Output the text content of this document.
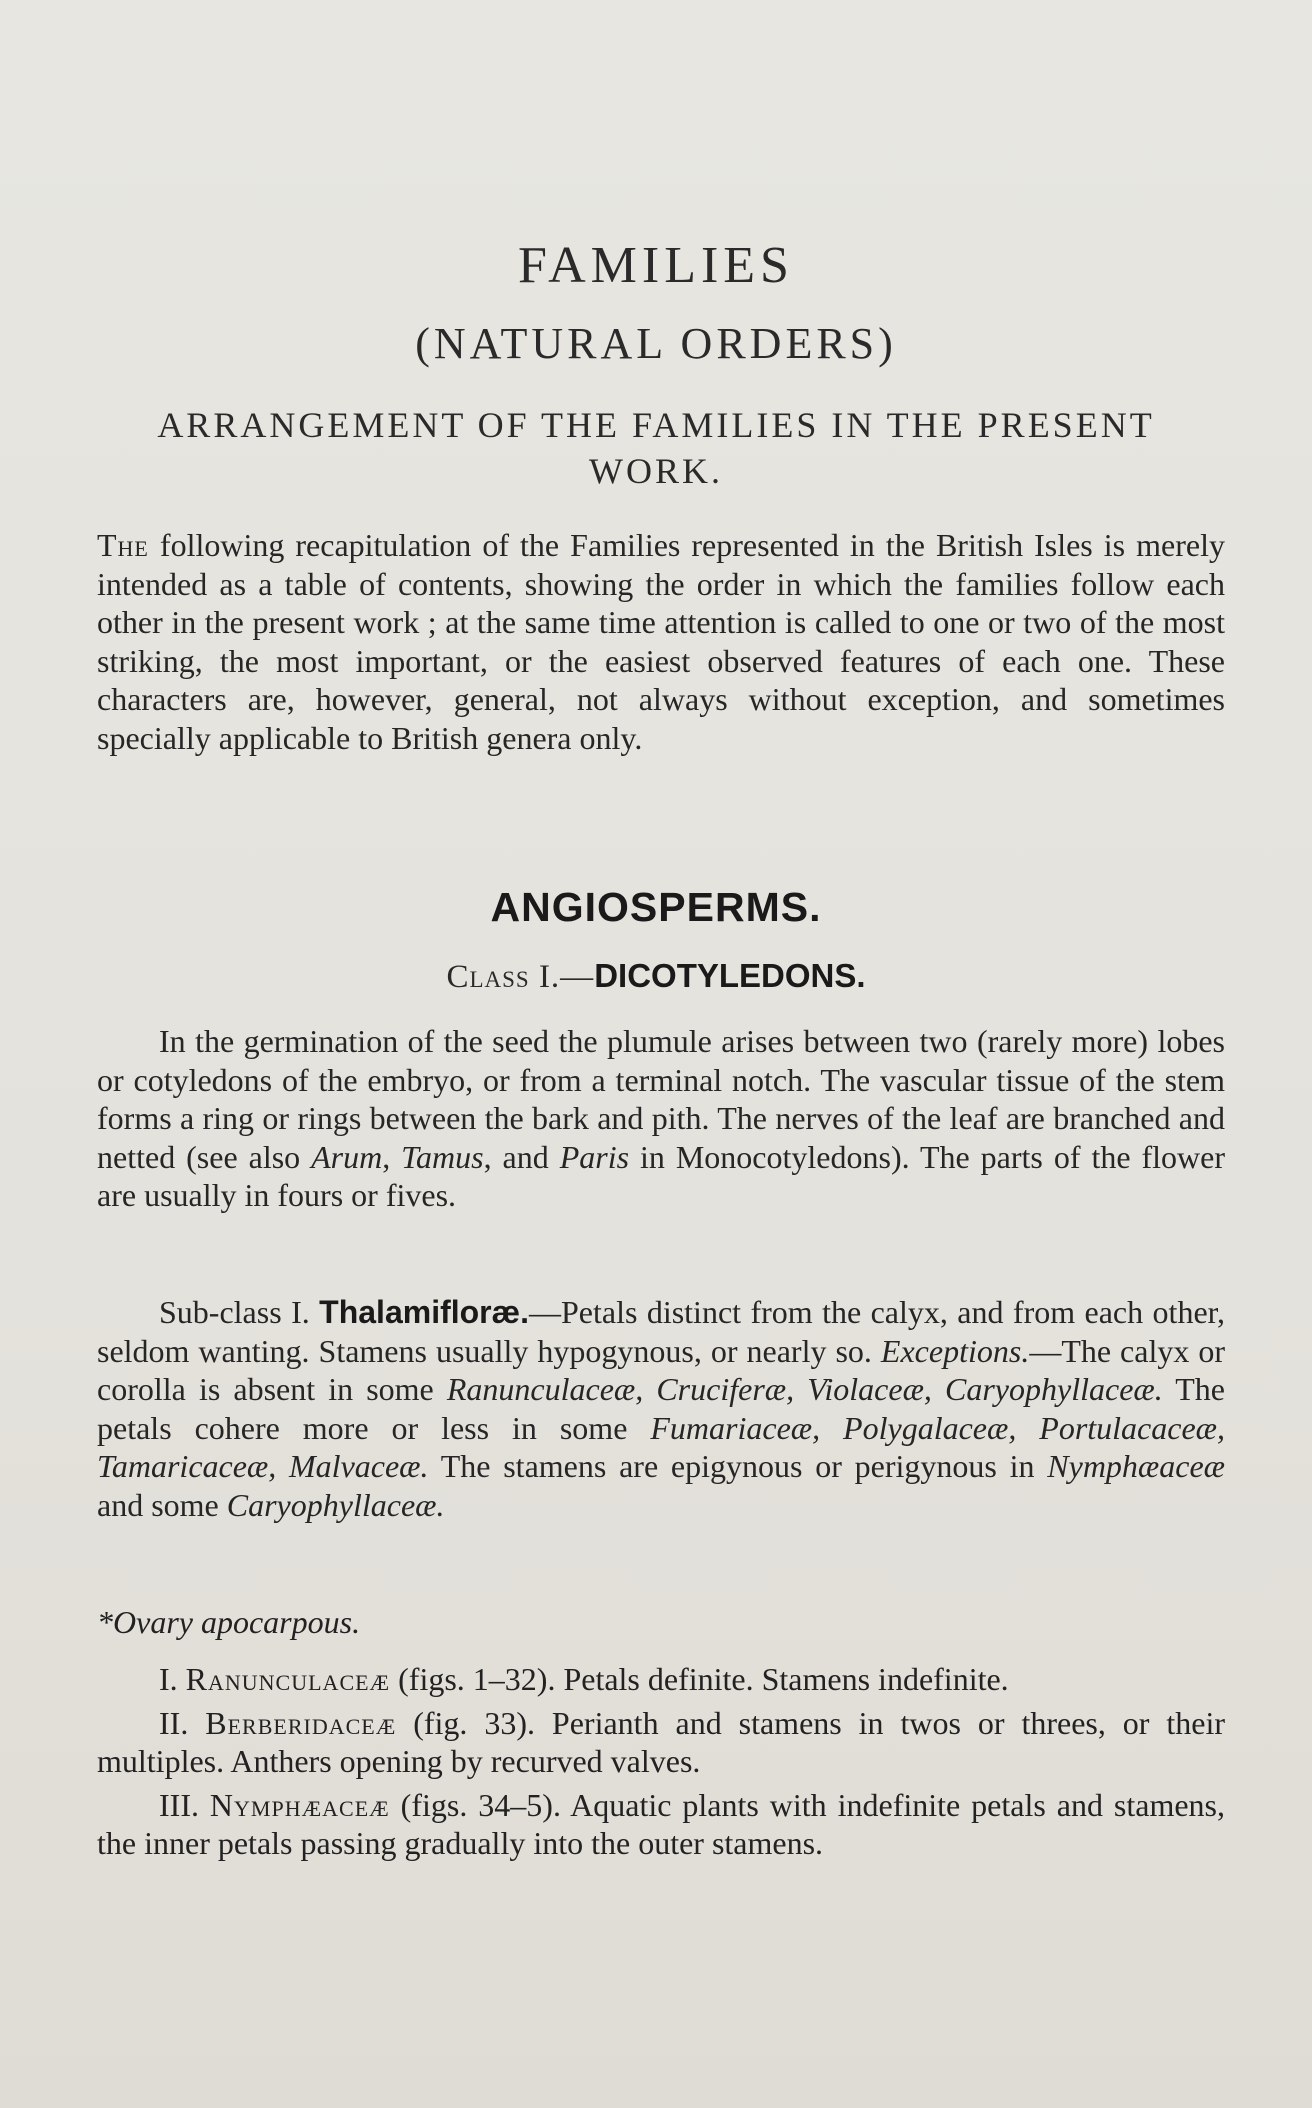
FAMILIES
(NATURAL ORDERS)
ARRANGEMENT OF THE FAMILIES IN THE PRESENT WORK.

The following recapitulation of the Families represented in the British Isles is merely intended as a table of contents, showing the order in which the families follow each other in the present work ; at the same time attention is called to one or two of the most striking, the most important, or the easiest observed features of each one. These characters are, however, general, not always without exception, and sometimes specially applicable to British genera only.

ANGIOSPERMS.
Class I.—DICOTYLEDONS.

In the germination of the seed the plumule arises between two (rarely more) lobes or cotyledons of the embryo, or from a terminal notch. The vascular tissue of the stem forms a ring or rings between the bark and pith. The nerves of the leaf are branched and netted (see also Arum, Tamus, and Paris in Monocotyledons). The parts of the flower are usually in fours or fives.

Sub-class I. Thalamifloræ.—Petals distinct from the calyx, and from each other, seldom wanting. Stamens usually hypogynous, or nearly so. Exceptions.—The calyx or corolla is absent in some Ranunculaceæ, Cruciferæ, Violaceæ, Caryophyllaceæ. The petals cohere more or less in some Fumariaceæ, Polygalaceæ, Portulacaceæ, Tamaricaceæ, Malvaceæ. The stamens are epigynous or perigynous in Nymphæaceæ and some Caryophyllaceæ.

*Ovary apocarpous.

I. Ranunculaceæ (figs. 1–32). Petals definite. Stamens indefinite.

II. Berberidaceæ (fig. 33). Perianth and stamens in twos or threes, or their multiples. Anthers opening by recurved valves.

III. Nymphæaceæ (figs. 34–5). Aquatic plants with indefinite petals and stamens, the inner petals passing gradually into the outer stamens.
